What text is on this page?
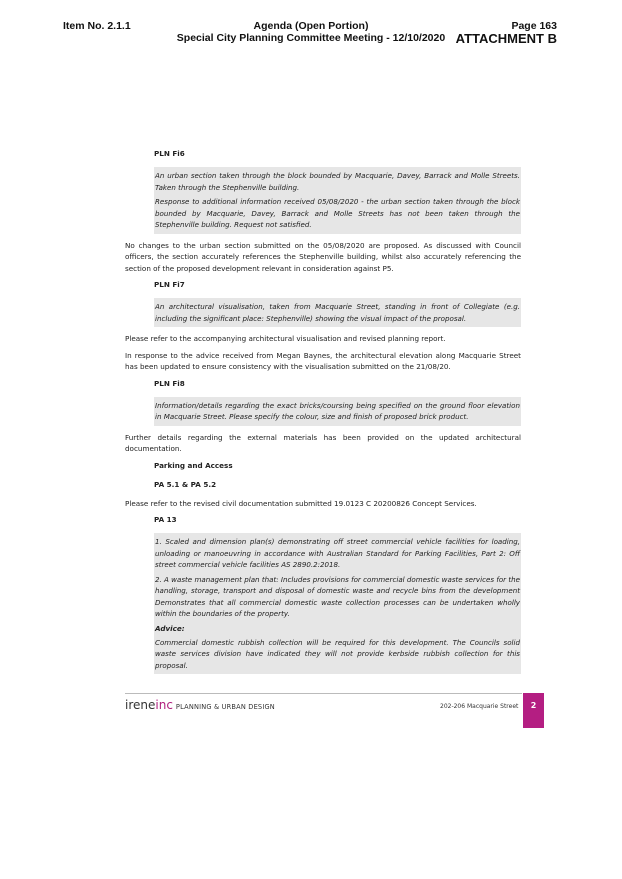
Item No. 2.1.1	Agenda (Open Portion)
Special City Planning Committee Meeting - 12/10/2020
Page 163
ATTACHMENT B
PLN Fi6

An urban section taken through the block bounded by Macquarie, Davey, Barrack and Molle Streets. Taken through the Stephenville building.

Response to additional information received 05/08/2020 - the urban section taken through the block bounded by Macquarie, Davey, Barrack and Molle Streets has not been taken through the Stephenville building. Request not satisfied.

No changes to the urban section submitted on the 05/08/2020 are proposed. As discussed with Council officers, the section accurately references the Stephenville building, whilst also accurately referencing the section of the proposed development relevant in consideration against P5.

PLN Fi7

An architectural visualisation, taken from Macquarie Street, standing in front of Collegiate (e.g. including the significant place: Stephenville) showing the visual impact of the proposal.

Please refer to the accompanying architectural visualisation and revised planning report.

In response to the advice received from Megan Baynes, the architectural elevation along Macquarie Street has been updated to ensure consistency with the visualisation submitted on the 21/08/20.

PLN Fi8

Information/details regarding the exact bricks/coursing being specified on the ground floor elevation in Macquarie Street. Please specify the colour, size and finish of proposed brick product.

Further details regarding the external materials has been provided on the updated architectural documentation.

Parking and Access
PA 5.1 & PA 5.2

Please refer to the revised civil documentation submitted 19.0123 C 20200826 Concept Services.

PA 13

1. Scaled and dimension plan(s) demonstrating off street commercial vehicle facilities for loading, unloading or manoeuvring in accordance with Australian Standard for Parking Facilities, Part 2: Off street commercial vehicle facilities AS 2890.2:2018.

2. A waste management plan that: Includes provisions for commercial domestic waste services for the handling, storage, transport and disposal of domestic waste and recycle bins from the development Demonstrates that all commercial domestic waste collection processes can be undertaken wholly within the boundaries of the property.

Advice:

Commercial domestic rubbish collection will be required for this development. The Councils solid waste services division have indicated they will not provide kerbside rubbish collection for this proposal.

ireneinc PLANNING & URBAN DESIGN	202-206 Macquarie Street	2
